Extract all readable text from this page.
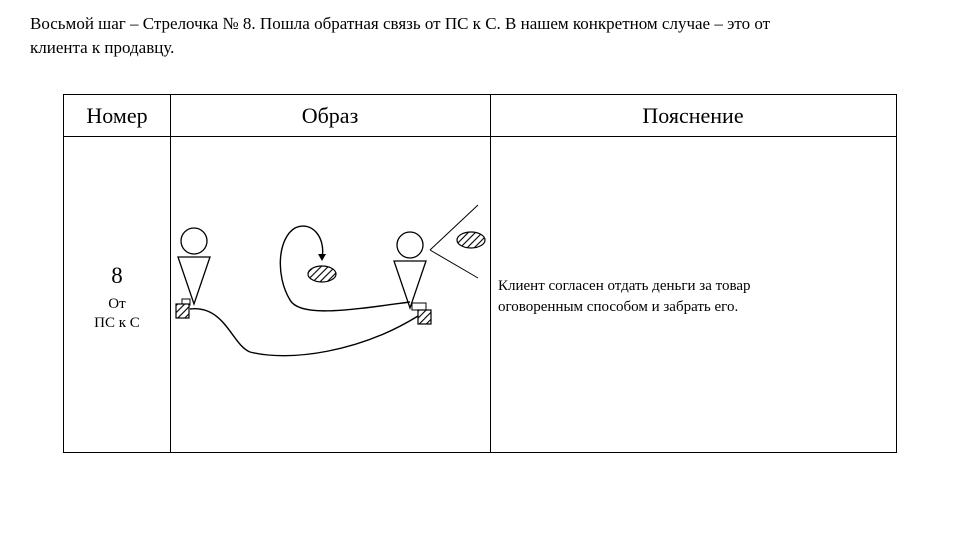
Восьмой шаг – Стрелочка № 8. Пошла обратная связь от ПС к С. В нашем конкретном случае – это от
клиента к продавцу.
Номер	Образ	Пояснение
8
От
ПС к С
Клиент согласен отдать деньги за товар
оговоренным способом и забрать его.
